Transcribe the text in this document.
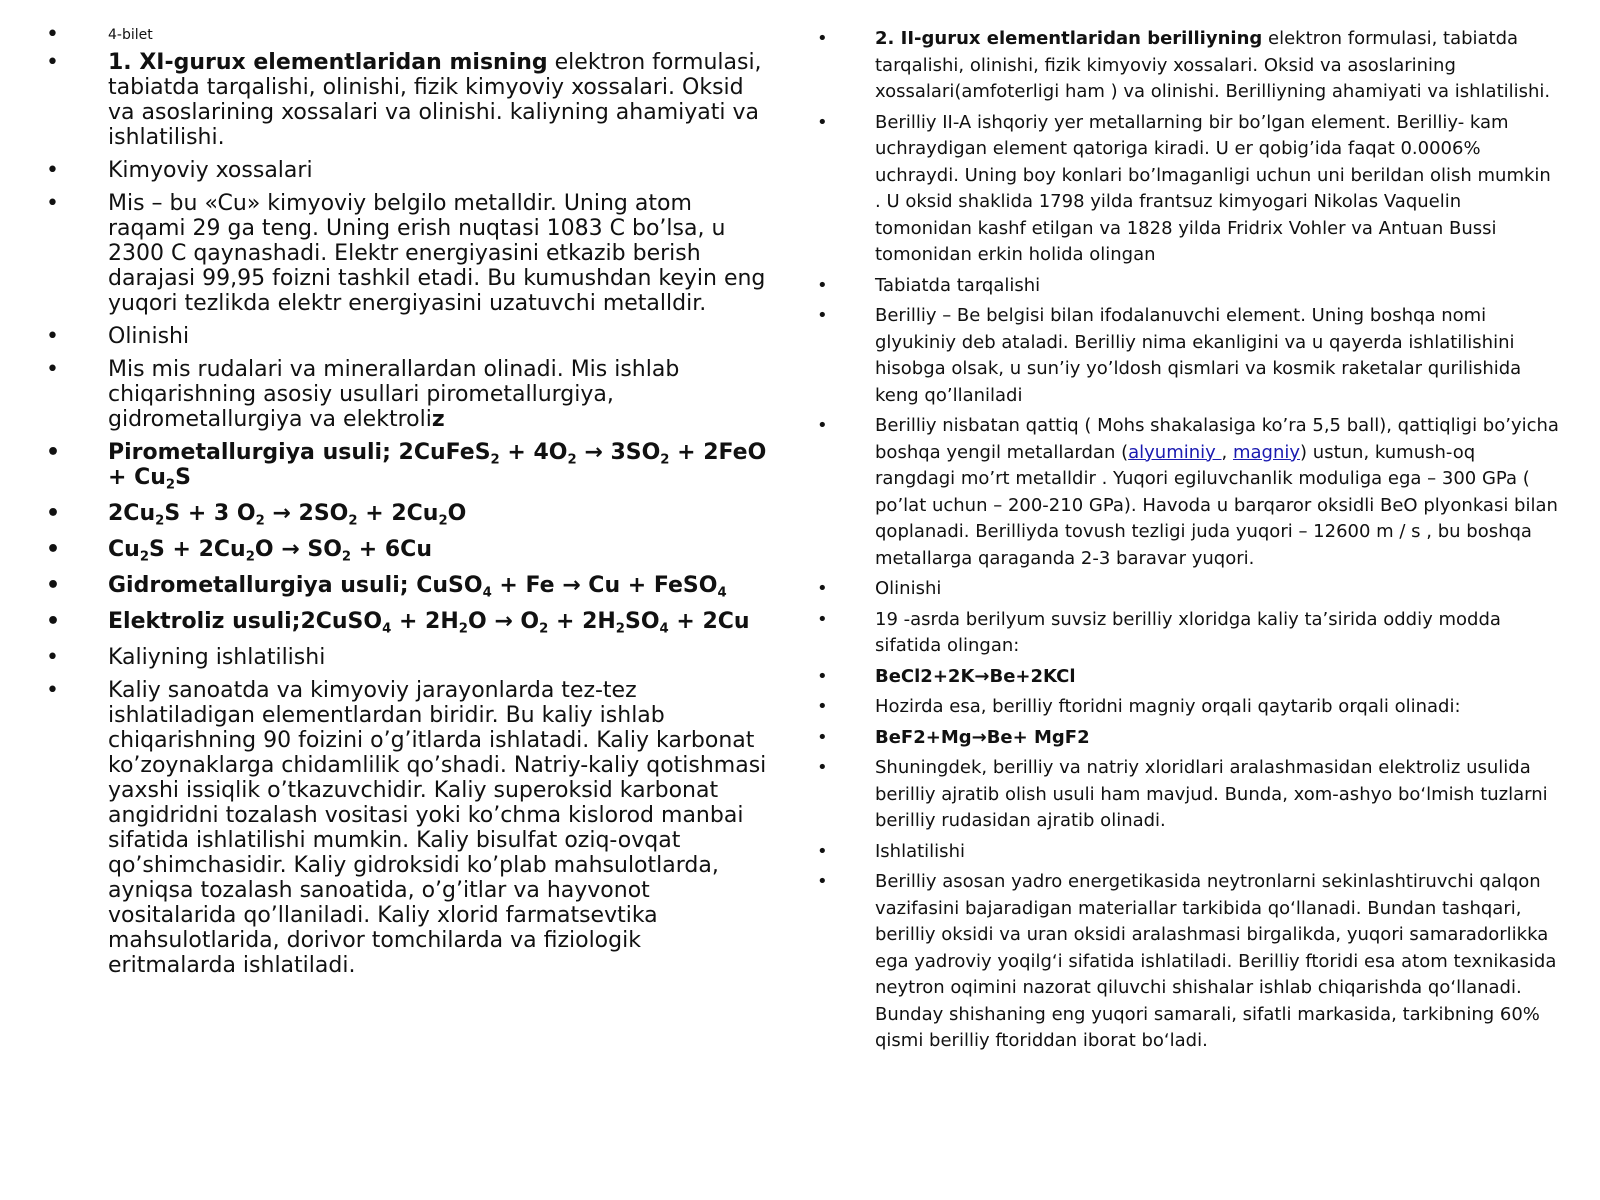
•	4-bilet
• 1. XI-gurux elementlaridan misning elektron formulasi, tabiatda tarqalishi, olinishi, fizik kimyoviy xossalari. Oksid va asoslarining xossalari va olinishi. kaliyning ahamiyati va ishlatilishi.
• Kimyoviy xossalari
• Mis – bu «Cu» kimyoviy belgilo metalldir. Uning atom raqami 29 ga teng. Uning erish nuqtasi 1083 C bo’lsa, u 2300 C qaynashadi. Elektr energiyasini etkazib berish darajasi 99,95 foizni tashkil etadi. Bu kumushdan keyin eng yuqori tezlikda elektr energiyasini uzatuvchi metalldir.
• Olinishi
• Mis mis rudalari va minerallardan olinadi. Mis ishlab chiqarishning asosiy usullari pirometallurgiya, gidrometallurgiya va elektroliz
• Pirometallurgiya usuli; 2CuFeS$_2$ + $4O_2 \to 3SO_2 + 2FeO + Cu_2S$
• $2Cu_2S + 3$ $O_2 \to 2SO_2 + 2Cu_2O$
• $Cu_2S + 2Cu_2O \to SO_2 + 6Cu$
• Gidrometallurgiya usuli; CuSO$_4$ + Fe → Cu + FeSO$_4$
• Elektroliz usuli;2CuSO$_4$ + $2H_2O \to O_2 + 2H_2SO_4 + 2Cu$
• Kaliyning ishlatilishi
• Kaliy sanoatda va kimyoviy jarayonlarda tez-tez ishlatiladigan elementlardan biridir. Bu kaliy ishlab chiqarishning 90 foizini o’g’itlarda ishlatadi. Kaliy karbonat ko’zoynaklarga chidamlilik qo’shadi. Natriy-kaliy qotishmasi yaxshi issiqlik o’tkazuvchidir. Kaliy superoksid karbonat angidridni tozalash vositasi yoki ko’chma kislorod manbai sifatida ishlatilishi mumkin. Kaliy bisulfat oziq-ovqat qo’shimchasidir. Kaliy gidroksidi ko’plab mahsulotlarda, ayniqsa tozalash sanoatida, o’g’itlar va hayvonot vositalarida qo’llaniladi. Kaliy xlorid farmatsevtika mahsulotlarida, dorivor tomchilarda va fiziologik eritmalarda ishlatiladi.
•	2. II-gurux elementlaridan berilliyning elektron formulasi, tabiatda tarqalishi, olinishi, fizik kimyoviy xossalari. Oksid va asoslarining xossalari(amfoterligi ham ) va olinishi. Berilliyning ahamiyati va ishlatilishi.
•	Berilliy II-A ishqoriy yer metallarning bir bo’lgan element. Berilliy- kam uchraydigan element qatoriga kiradi. U er qobig’ida faqat 0.0006% uchraydi. Uning boy konlari bo’lmaganligi uchun uni berildan olish mumkin . U oksid shaklida 1798 yilda frantsuz kimyogari Nikolas Vaquelin tomonidan kashf etilgan va 1828 yilda Fridrix Vohler va Antuan Bussi tomonidan erkin holida olingan
•	Tabiatda tarqalishi
•	Berilliy – Be belgisi bilan ifodalanuvchi element. Uning boshqa nomi glyukiniy deb ataladi. Berilliy nima ekanligini va u qayerda ishlatilishini hisobga olsak, u sun’iy yo’ldosh qismlari va kosmik raketalar qurilishida keng qo’llaniladi
•	Berilliy nisbatan qattiq ( Mohs shakalasiga ko’ra 5,5 ball), qattiqligi bo’yicha boshqa yengil metallardan (alyuminiy , magniy) ustun, kumush-oq rangdagi mo’rt metalldir . Yuqori egiluvchanlik moduliga ega – 300 GPa ( po’lat uchun – 200-210 GPa). Havoda u barqaror oksidli BeO plyonkasi bilan qoplanadi. Berilliyda tovush tezligi juda yuqori – 12600 m / s , bu boshqa metallarga qaraganda 2-3 baravar yuqori.
•	Olinishi
•	19 -asrda berilyum suvsiz berilliy xloridga kaliy ta’sirida oddiy modda sifatida olingan:
•	BeCl2+2K→Be+2KCl
•	Hozirda esa, berilliy ftoridni magniy orqali qaytarib orqali olinadi:
•	BeF2+Mg→Be+ MgF2
•	Shuningdek, berilliy va natriy xloridlari aralashmasidan elektroliz usulida berilliy ajratib olish usuli ham mavjud. Bunda, xom-ashyo boʻlmish tuzlarni berilliy rudasidan ajratib olinadi.
•	Ishlatilishi
•	Berilliy asosan yadro energetikasida neytronlarni sekinlashtiruvchi qalqon vazifasini bajaradigan materiallar tarkibida qoʻllanadi. Bundan tashqari, berilliy oksidi va uran oksidi aralashmasi birgalikda, yuqori samaradorlikka ega yadroviy yoqilgʻi sifatida ishlatiladi. Berilliy ftoridi esa atom texnikasida neytron oqimini nazorat qiluvchi shishalar ishlab chiqarishda qoʻllanadi. Bunday shishaning eng yuqori samarali, sifatli markasida, tarkibning 60% qismi berilliy ftoriddan iborat boʻladi.
